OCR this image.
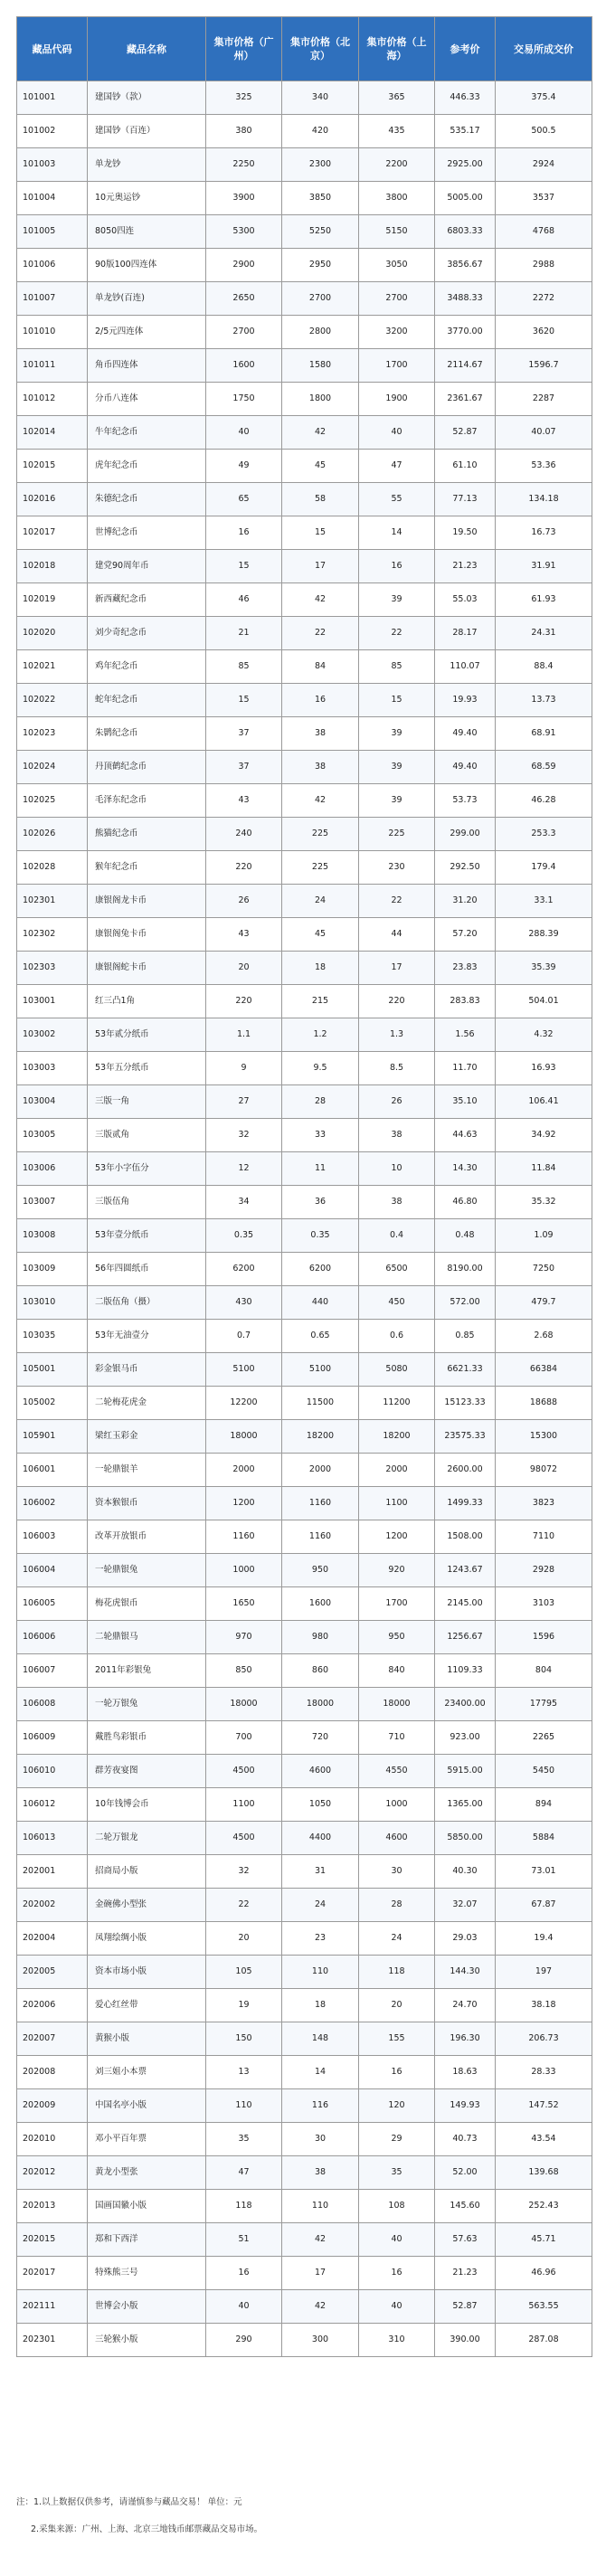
藏品代码	藏品名称	集市价格（广州）	集市价格（北京）	集市价格（上海）	参考价	交易所成交价
101001	建国钞（款）	325	340	365	446.33	375.4
101002	建国钞（百连）	380	420	435	535.17	500.5
101003	单龙钞	2250	2300	2200	2925.00	2924
101004	10元奥运钞	3900	3850	3800	5005.00	3537
101005	8050四连	5300	5250	5150	6803.33	4768
101006	90版100四连体	2900	2950	3050	3856.67	2988
101007	单龙钞(百连)	2650	2700	2700	3488.33	2272
101010	2/5元四连体	2700	2800	3200	3770.00	3620
101011	角币四连体	1600	1580	1700	2114.67	1596.7
101012	分币八连体	1750	1800	1900	2361.67	2287
102014	牛年纪念币	40	42	40	52.87	40.07
102015	虎年纪念币	49	45	47	61.10	53.36
102016	朱德纪念币	65	58	55	77.13	134.18
102017	世博纪念币	16	15	14	19.50	16.73
102018	建党90周年币	15	17	16	21.23	31.91
102019	新西藏纪念币	46	42	39	55.03	61.93
102020	刘少奇纪念币	21	22	22	28.17	24.31
102021	鸡年纪念币	85	84	85	110.07	88.4
102022	蛇年纪念币	15	16	15	19.93	13.73
102023	朱鹮纪念币	37	38	39	49.40	68.91
102024	丹顶鹤纪念币	37	38	39	49.40	68.59
102025	毛泽东纪念币	43	42	39	53.73	46.28
102026	熊猫纪念币	240	225	225	299.00	253.3
102028	猴年纪念币	220	225	230	292.50	179.4
102301	康银阁龙卡币	26	24	22	31.20	33.1
102302	康银阁兔卡币	43	45	44	57.20	288.39
102303	康银阁蛇卡币	20	18	17	23.83	35.39
103001	红三凸1角	220	215	220	283.83	504.01
103002	53年贰分纸币	1.1	1.2	1.3	1.56	4.32
103003	53年五分纸币	9	9.5	8.5	11.70	16.93
103004	三版一角	27	28	26	35.10	106.41
103005	三版贰角	32	33	38	44.63	34.92
103006	53年小字伍分	12	11	10	14.30	11.84
103007	三版伍角	34	36	38	46.80	35.32
103008	53年壹分纸币	0.35	0.35	0.4	0.48	1.09
103009	56年四圆纸币	6200	6200	6500	8190.00	7250
103010	二版伍角（摄）	430	440	450	572.00	479.7
103035	53年无油壹分	0.7	0.65	0.6	0.85	2.68
105001	彩金银马币	5100	5100	5080	6621.33	66384
105002	二轮梅花虎金	12200	11500	11200	15123.33	18688
105901	梁红玉彩金	18000	18200	18200	23575.33	15300
106001	一轮鼎银羊	2000	2000	2000	2600.00	98072
106002	资本猴银币	1200	1160	1100	1499.33	3823
106003	改革开放银币	1160	1160	1200	1508.00	7110
106004	一轮鼎银兔	1000	950	920	1243.67	2928
106005	梅花虎银币	1650	1600	1700	2145.00	3103
106006	二轮鼎银马	970	980	950	1256.67	1596
106007	2011年彩银兔	850	860	840	1109.33	804
106008	一轮万银兔	18000	18000	18000	23400.00	17795
106009	戴胜鸟彩银币	700	720	710	923.00	2265
106010	群芳夜宴图	4500	4600	4550	5915.00	5450
106012	10年钱博会币	1100	1050	1000	1365.00	894
106013	二轮万银龙	4500	4400	4600	5850.00	5884
202001	招商局小版	32	31	30	40.30	73.01
202002	金碗佛小型张	22	24	28	32.07	67.87
202004	凤翔绘绸小版	20	23	24	29.03	19.4
202005	资本市场小版	105	110	118	144.30	197
202006	爱心红丝带	19	18	20	24.70	38.18
202007	黄猴小版	150	148	155	196.30	206.73
202008	刘三姐小本票	13	14	16	18.63	28.33
202009	中国名亭小版	110	116	120	149.93	147.52
202010	邓小平百年票	35	30	29	40.73	43.54
202012	黄龙小型张	47	38	35	52.00	139.68
202013	国画国徽小版	118	110	108	145.60	252.43
202015	郑和下西洋	51	42	40	57.63	45.71
202017	特殊熊三号	16	17	16	21.23	46.96
202111	世博会小版	40	42	40	52.87	563.55
202301	三轮猴小版	290	300	310	390.00	287.08
注：1.以上数据仅供参考，请谨慎参与藏品交易！ 单位：元
2.采集来源：广州、上海、北京三地钱币邮票藏品交易市场。
